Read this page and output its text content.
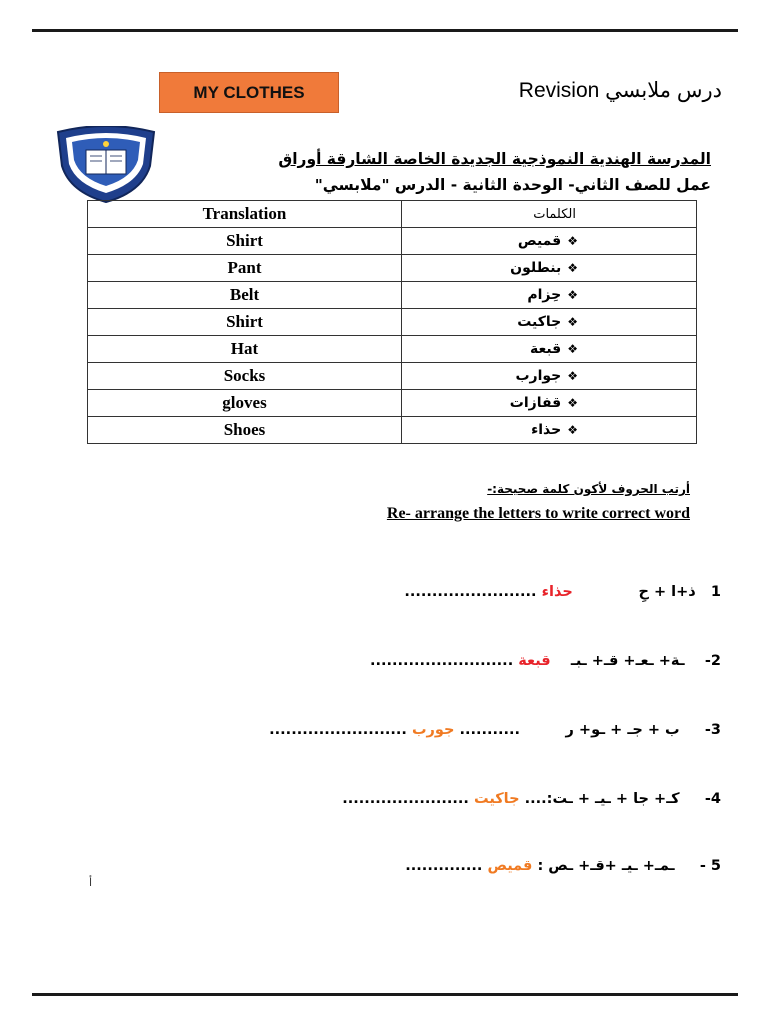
MY CLOTHES	درس ملابسي Revision
المدرسة الهندية النموذجية الجديدة الخاصة الشارقة أوراق
عمل للصف الثاني- الوحدة الثانية - الدرس "ملابسي"
Translation	الكلمات
Shirt	❖قميص
Pant	❖بنطلون
Belt	❖حِزام
Shirt	❖جاكيت
Hat	❖قبعة
Socks	❖جوارب
gloves	❖قفازات
Shoes	❖حذاء
أرتب الحروف لأكون كلمة صحيحة:-
Re- arrange the letters to write correct word
1   ذ+ا + حِ             حذاء ........................
2-    ـة+ ـعـ+ قـ+ ـبـ    قبعة ..........................
3-     ب + جـ + ـو+ ر         ........... جورب .........................
4-     كـ+ جا + ـيـ + ـت:.... جاكيت .......................
5 -     ـمـ+ ـيـ +قـ+ ـص : قميص ..............
أ
